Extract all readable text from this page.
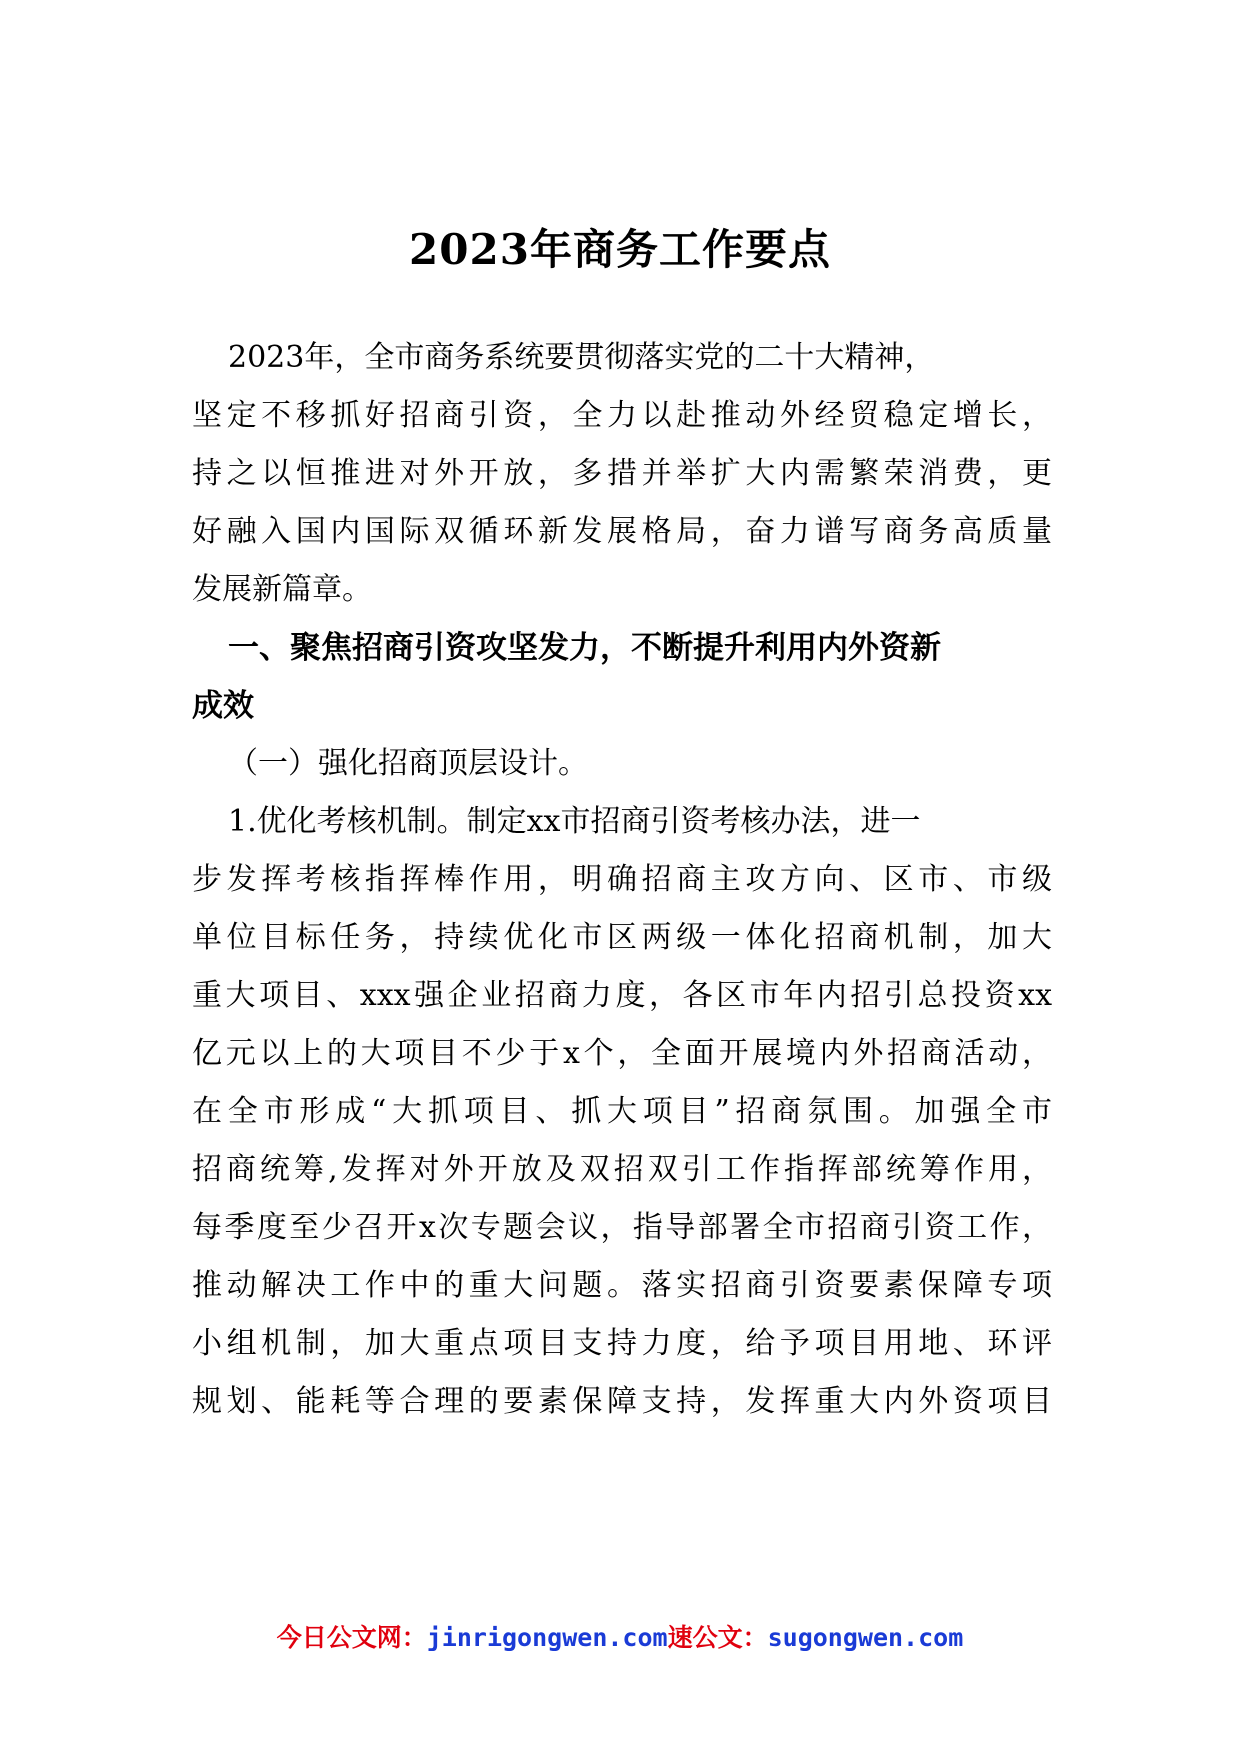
2023年商务工作要点
2023年，全市商务系统要贯彻落实党的二十大精神，
坚定不移抓好招商引资，全力以赴推动外经贸稳定增长，
持之以恒推进对外开放，多措并举扩大内需繁荣消费，更
好融入国内国际双循环新发展格局，奋力谱写商务高质量
发展新篇章。
一、聚焦招商引资攻坚发力，不断提升利用内外资新
成效
（一）强化招商顶层设计。
1.优化考核机制。制定xx市招商引资考核办法，进一
步发挥考核指挥棒作用，明确招商主攻方向、区市、市级
单位目标任务，持续优化市区两级一体化招商机制，加大
重大项目、xxx强企业招商力度，各区市年内招引总投资xx
亿元以上的大项目不少于x个，全面开展境内外招商活动，
在全市形成“大抓项目、抓大项目”招商氛围。加强全市
招商统筹,发挥对外开放及双招双引工作指挥部统筹作用，
每季度至少召开x次专题会议，指导部署全市招商引资工作，
推动解决工作中的重大问题。落实招商引资要素保障专项
小组机制，加大重点项目支持力度，给予项目用地、环评
规划、能耗等合理的要素保障支持，发挥重大内外资项目
今日公文网：jinrigongwen.com速公文：sugongwen.com
